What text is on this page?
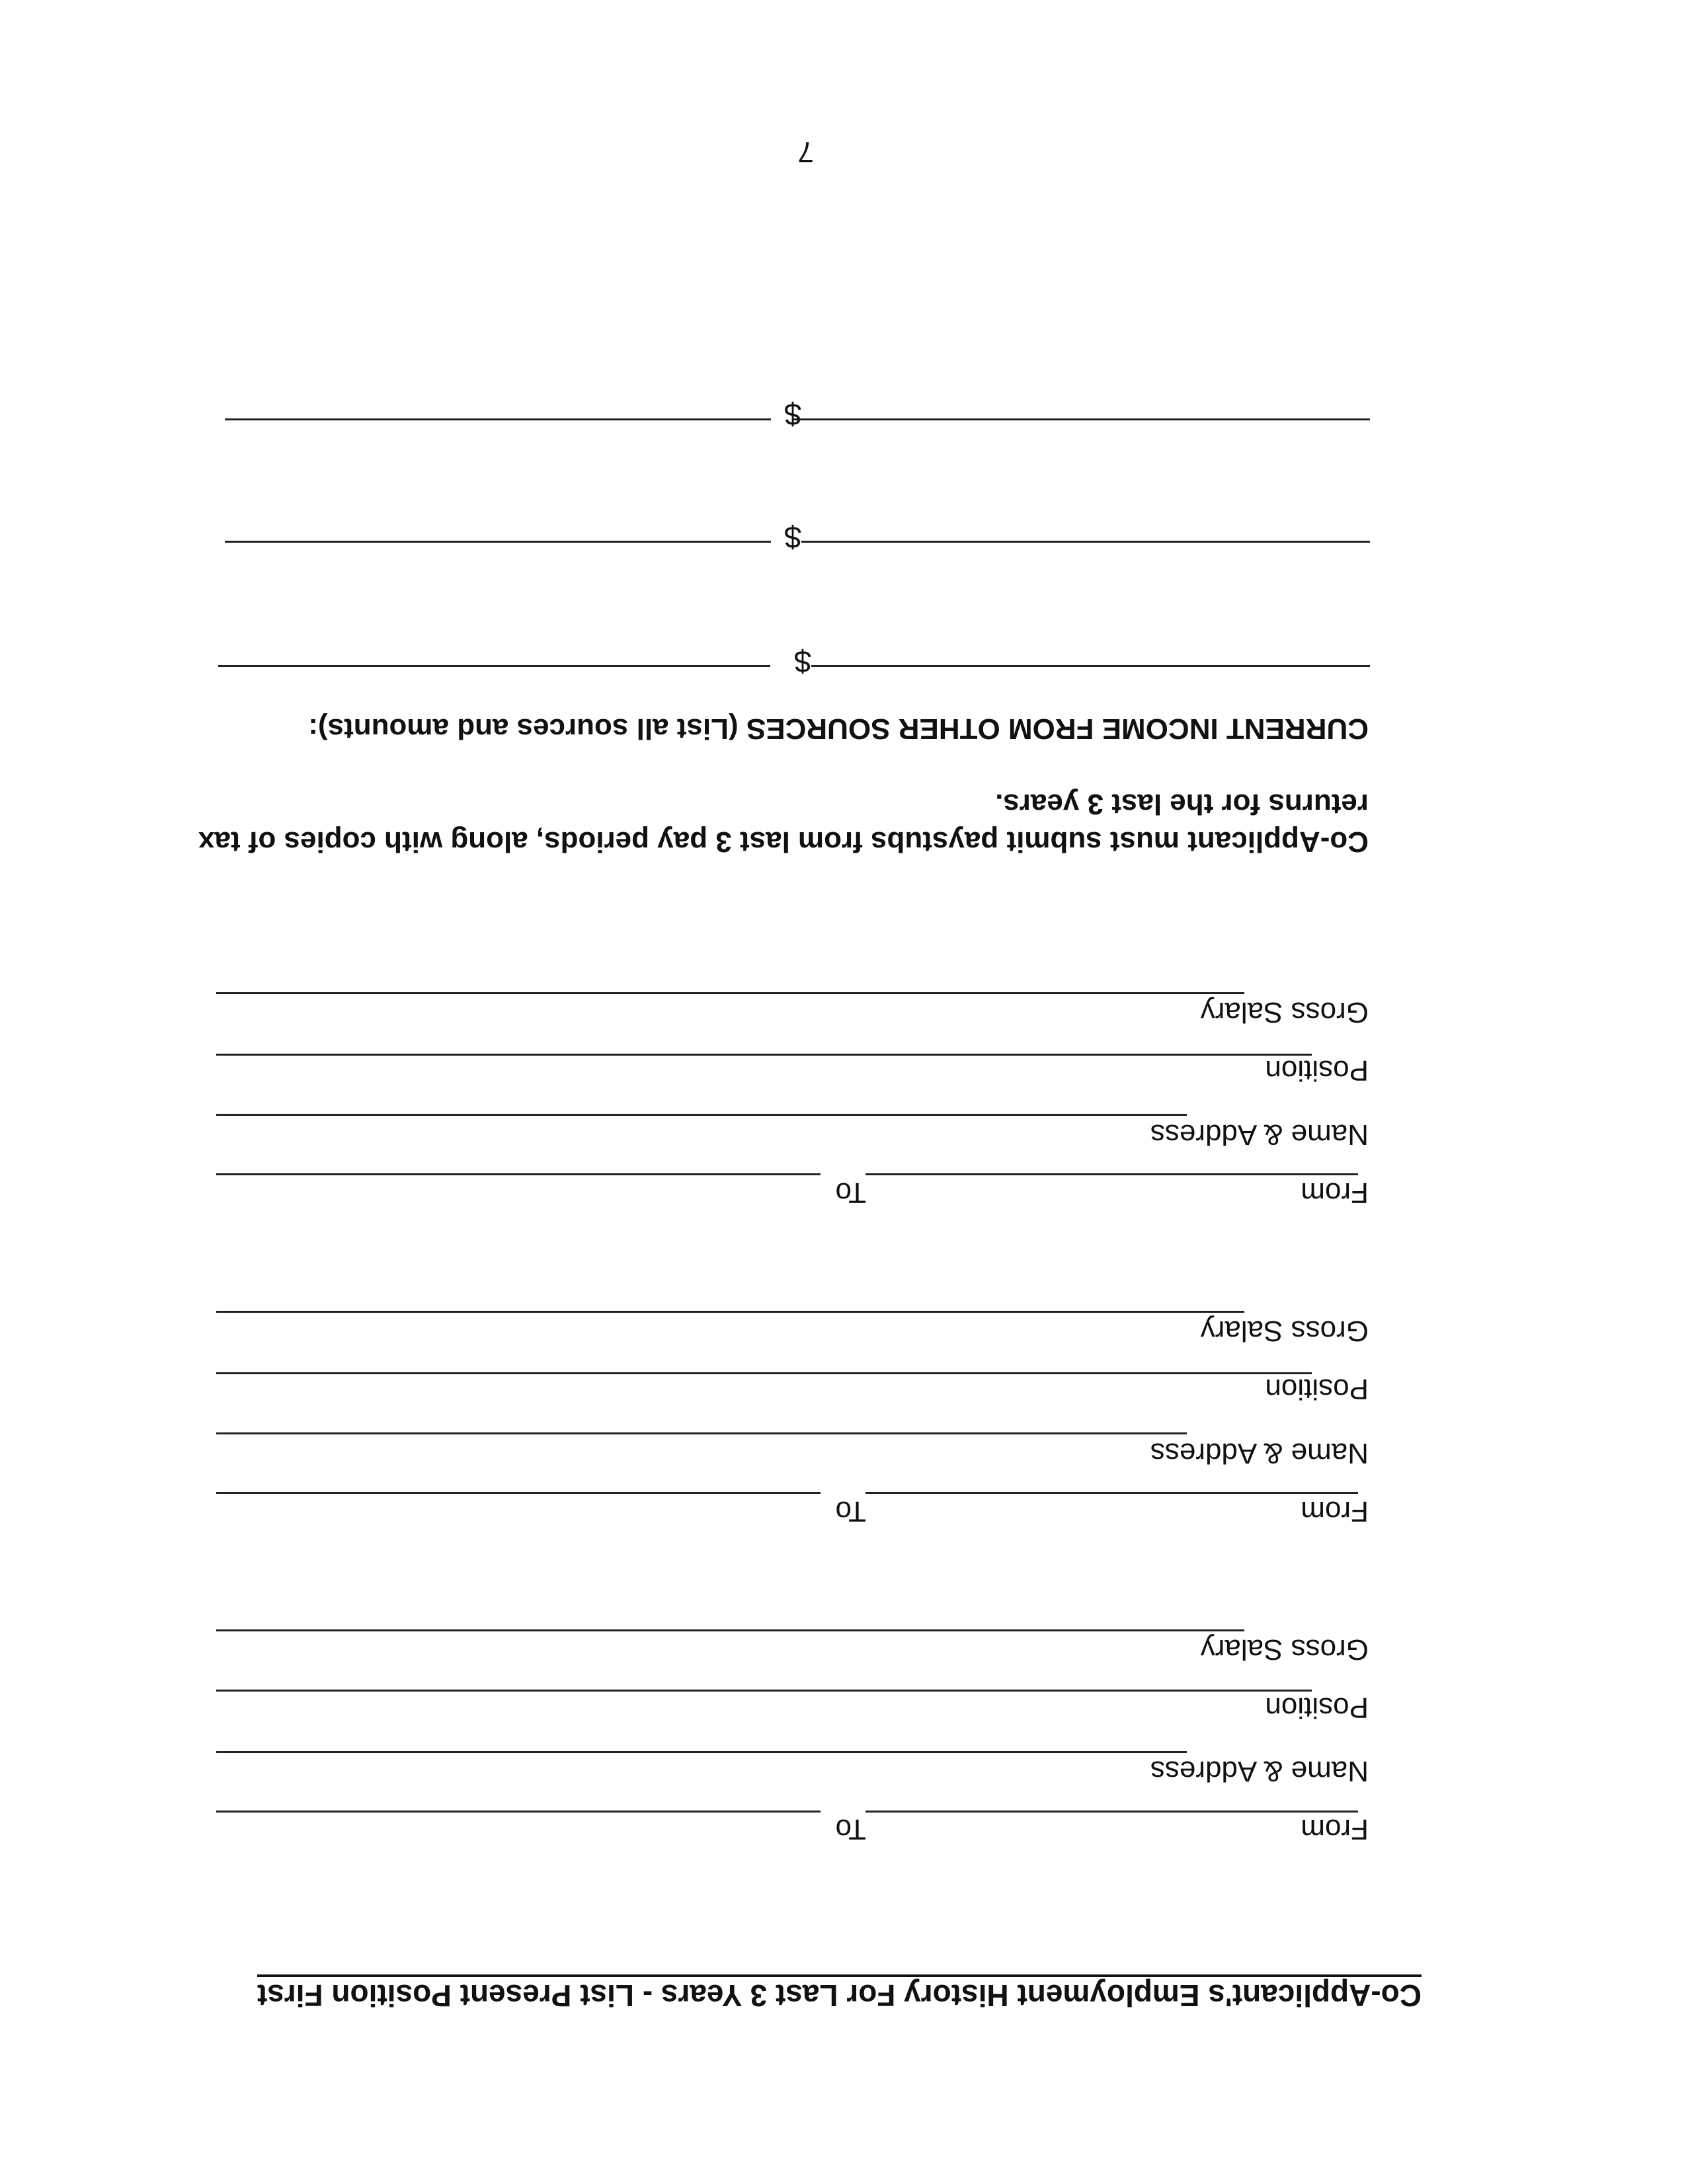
Co-Applicant's Employment History For Last 3 Years - List Present Position First
From
To
Name & Address
Position
Gross Salary
From
To
Name & Address
Position
Gross Salary
From
To
Name & Address
Position
Gross Salary
Co-Applicant must submit paystubs from last 3 pay periods, along with copies of tax returns for the last 3 years.
CURRENT INCOME FROM OTHER SOURCES (List all sources and amounts):
$
$
$
7
